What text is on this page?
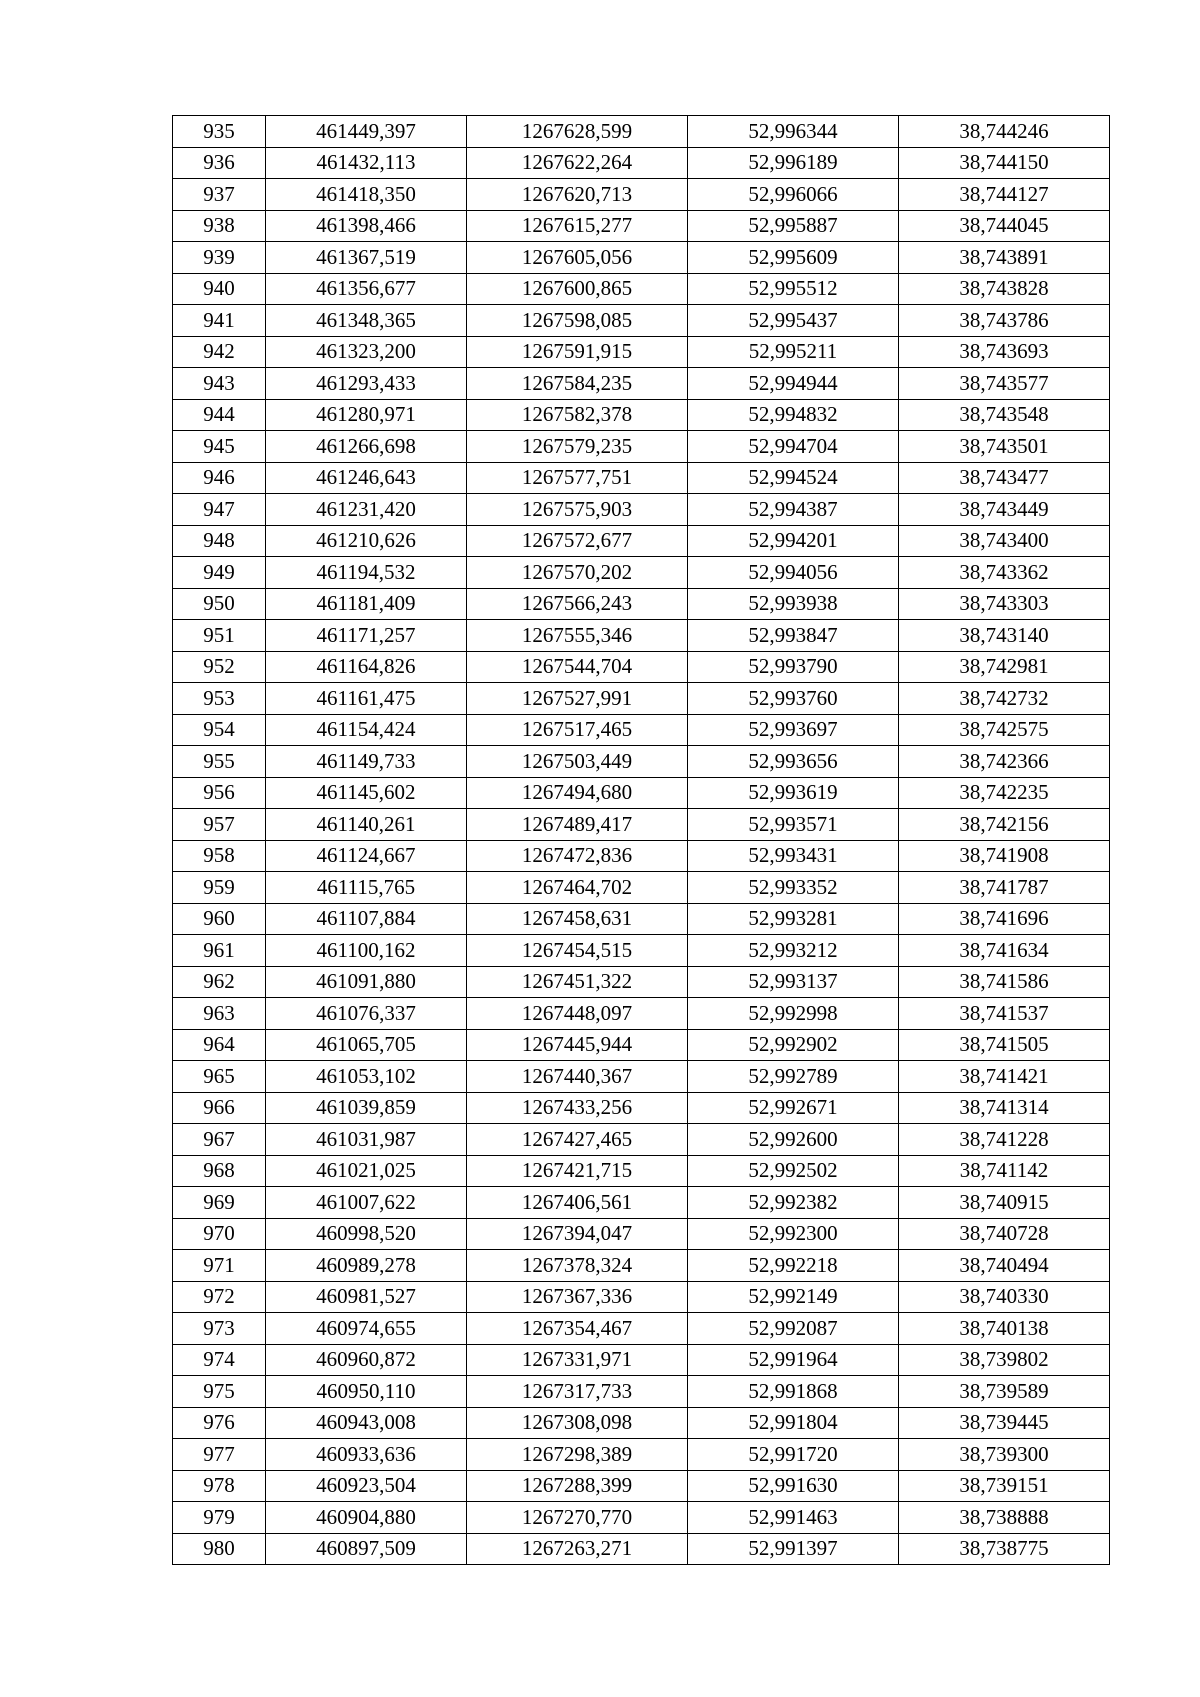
935	461449,397	1267628,599	52,996344	38,744246
936	461432,113	1267622,264	52,996189	38,744150
937	461418,350	1267620,713	52,996066	38,744127
938	461398,466	1267615,277	52,995887	38,744045
939	461367,519	1267605,056	52,995609	38,743891
940	461356,677	1267600,865	52,995512	38,743828
941	461348,365	1267598,085	52,995437	38,743786
942	461323,200	1267591,915	52,995211	38,743693
943	461293,433	1267584,235	52,994944	38,743577
944	461280,971	1267582,378	52,994832	38,743548
945	461266,698	1267579,235	52,994704	38,743501
946	461246,643	1267577,751	52,994524	38,743477
947	461231,420	1267575,903	52,994387	38,743449
948	461210,626	1267572,677	52,994201	38,743400
949	461194,532	1267570,202	52,994056	38,743362
950	461181,409	1267566,243	52,993938	38,743303
951	461171,257	1267555,346	52,993847	38,743140
952	461164,826	1267544,704	52,993790	38,742981
953	461161,475	1267527,991	52,993760	38,742732
954	461154,424	1267517,465	52,993697	38,742575
955	461149,733	1267503,449	52,993656	38,742366
956	461145,602	1267494,680	52,993619	38,742235
957	461140,261	1267489,417	52,993571	38,742156
958	461124,667	1267472,836	52,993431	38,741908
959	461115,765	1267464,702	52,993352	38,741787
960	461107,884	1267458,631	52,993281	38,741696
961	461100,162	1267454,515	52,993212	38,741634
962	461091,880	1267451,322	52,993137	38,741586
963	461076,337	1267448,097	52,992998	38,741537
964	461065,705	1267445,944	52,992902	38,741505
965	461053,102	1267440,367	52,992789	38,741421
966	461039,859	1267433,256	52,992671	38,741314
967	461031,987	1267427,465	52,992600	38,741228
968	461021,025	1267421,715	52,992502	38,741142
969	461007,622	1267406,561	52,992382	38,740915
970	460998,520	1267394,047	52,992300	38,740728
971	460989,278	1267378,324	52,992218	38,740494
972	460981,527	1267367,336	52,992149	38,740330
973	460974,655	1267354,467	52,992087	38,740138
974	460960,872	1267331,971	52,991964	38,739802
975	460950,110	1267317,733	52,991868	38,739589
976	460943,008	1267308,098	52,991804	38,739445
977	460933,636	1267298,389	52,991720	38,739300
978	460923,504	1267288,399	52,991630	38,739151
979	460904,880	1267270,770	52,991463	38,738888
980	460897,509	1267263,271	52,991397	38,738775
